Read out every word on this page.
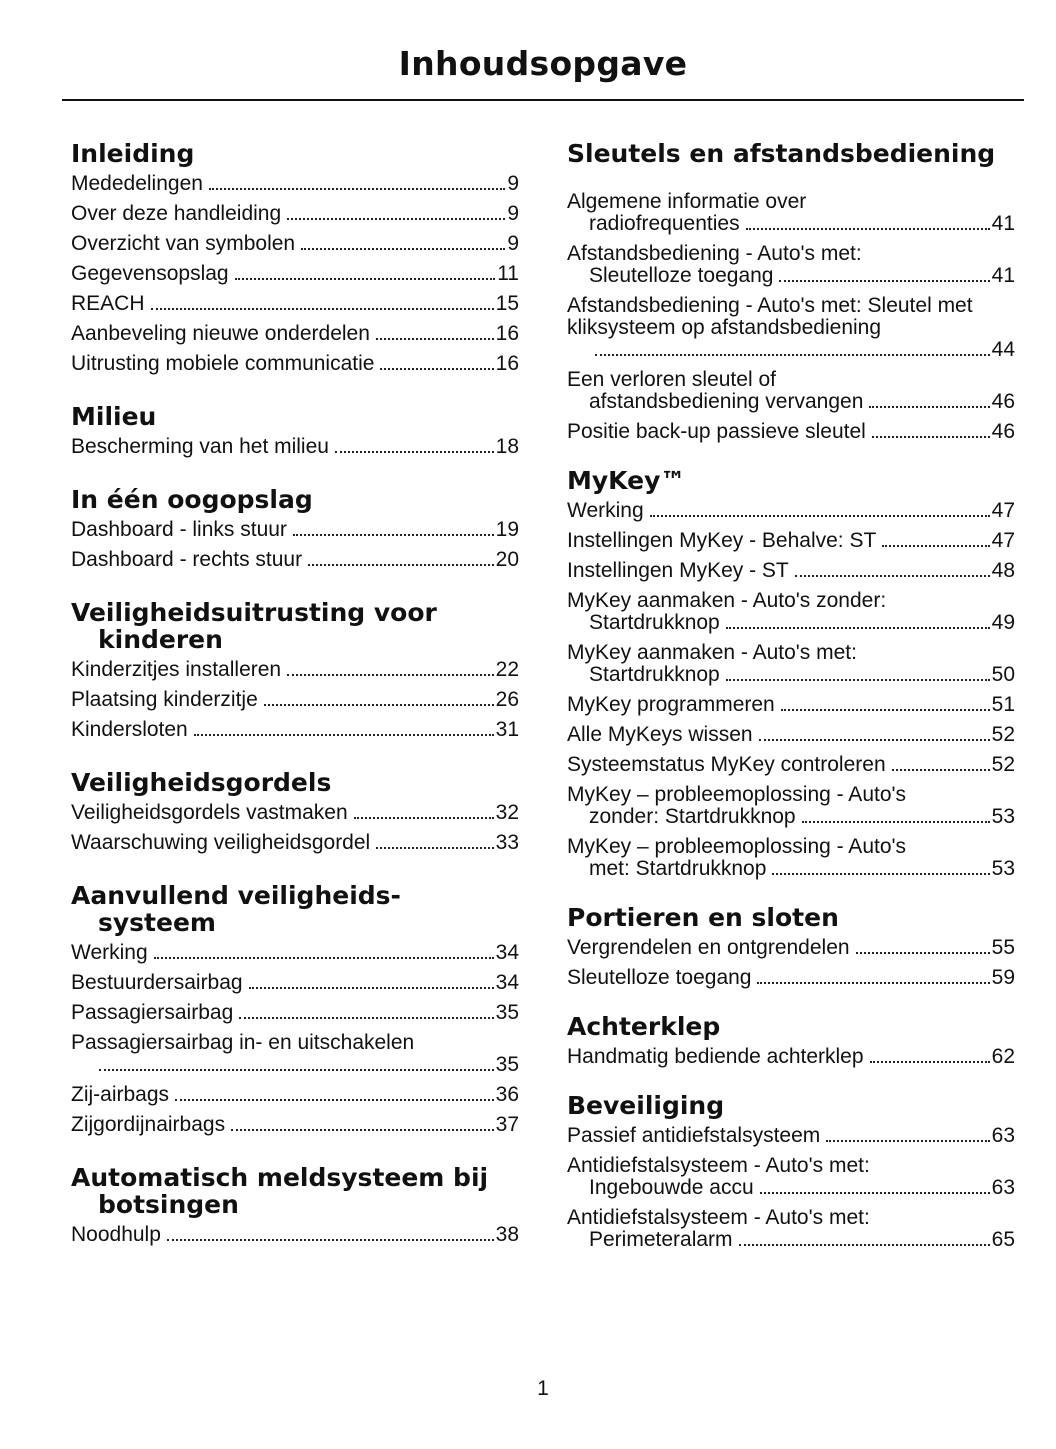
Inhoudsopgave
Inleiding
Mededelingen	9
Over deze handleiding	9
Overzicht van symbolen	9
Gegevensopslag	11
REACH	15
Aanbeveling nieuwe onderdelen	16
Uitrusting mobiele communicatie	16
Milieu
Bescherming van het milieu	18
In één oogopslag
Dashboard - links stuur	19
Dashboard - rechts stuur	20
Veiligheidsuitrusting voor kinderen
Kinderzitjes installeren	22
Plaatsing kinderzitje	26
Kindersloten	31
Veiligheidsgordels
Veiligheidsgordels vastmaken	32
Waarschuwing veiligheidsgordel	33
Aanvullend veiligheids- systeem
Werking	34
Bestuurdersairbag	34
Passagiersairbag	35
Passagiersairbag in- en uitschakelen
35
Zij-airbags	36
Zijgordijnairbags	37
Automatisch meldsysteem bij botsingen
Noodhulp	38
Sleutels en afstandsbediening
Algemene informatie over
radiofrequenties	41
Afstandsbediening - Auto's met:
Sleutelloze toegang	41
Afstandsbediening - Auto's met: Sleutel met kliksysteem op afstandsbediening
44
Een verloren sleutel of
afstandsbediening vervangen	46
Positie back-up passieve sleutel	46
MyKey™
Werking	47
Instellingen MyKey - Behalve: ST	47
Instellingen MyKey - ST	48
MyKey aanmaken - Auto's zonder:
Startdrukknop	49
MyKey aanmaken - Auto's met:
Startdrukknop	50
MyKey programmeren	51
Alle MyKeys wissen	52
Systeemstatus MyKey controleren	52
MyKey – probleemoplossing - Auto's
zonder: Startdrukknop	53
MyKey – probleemoplossing - Auto's
met: Startdrukknop	53
Portieren en sloten
Vergrendelen en ontgrendelen	55
Sleutelloze toegang	59
Achterklep
Handmatig bediende achterklep	62
Beveiliging
Passief antidiefstalsysteem	63
Antidiefstalsysteem - Auto's met:
Ingebouwde accu	63
Antidiefstalsysteem - Auto's met:
Perimeteralarm	65
1
